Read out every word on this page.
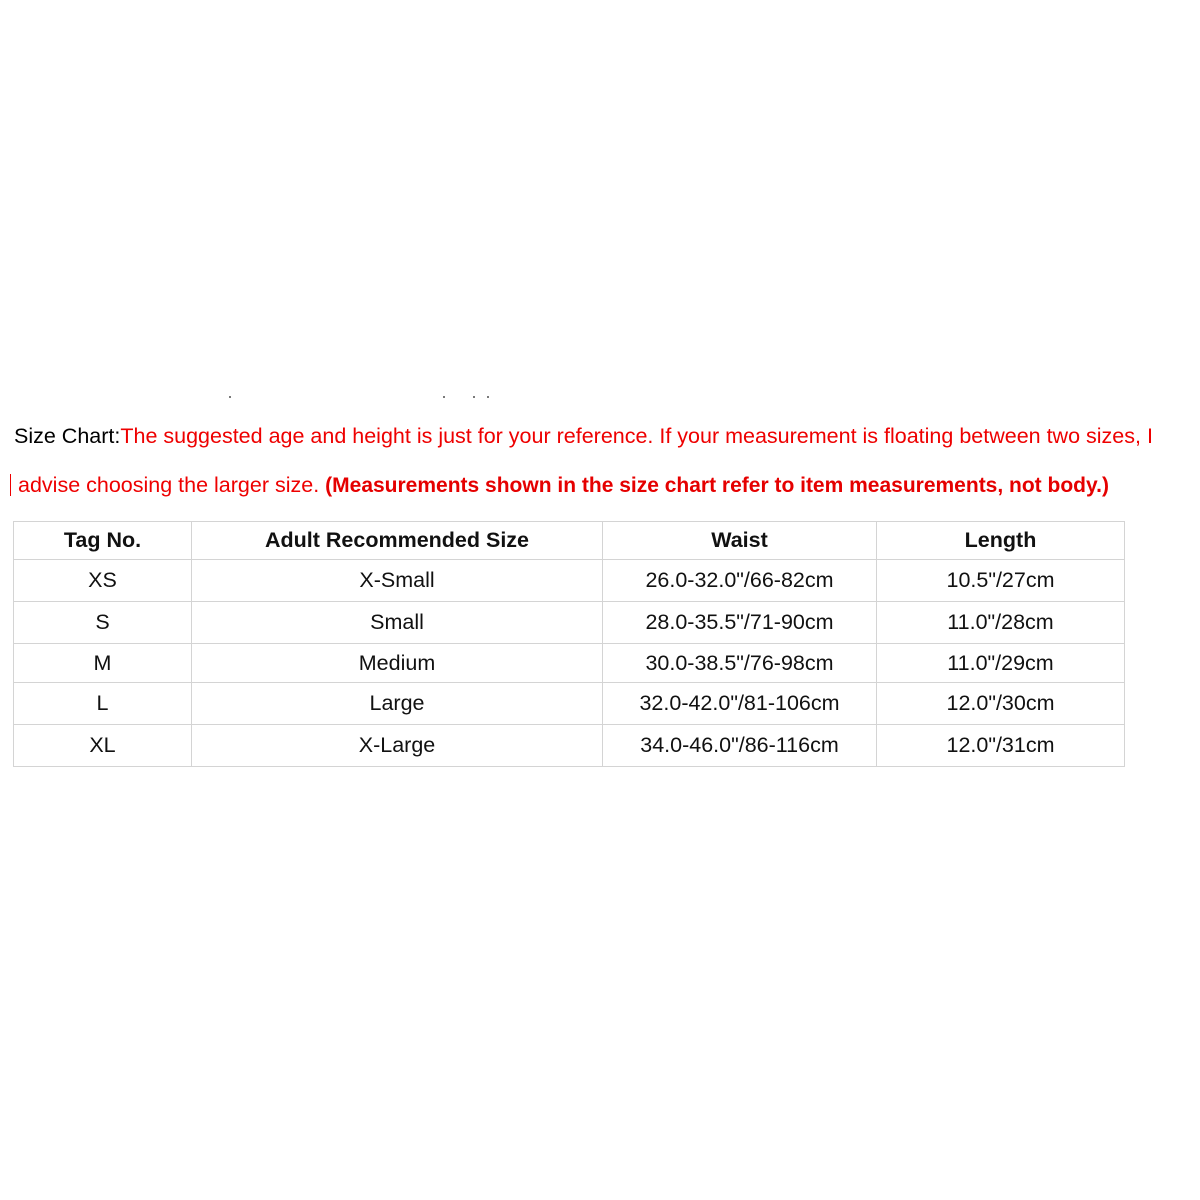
Size Chart:The suggested age and height is just for your reference. If your measurement is floating between two sizes, I
advise choosing the larger size. (Measurements shown in the size chart refer to item measurements, not body.)
Tag No.	Adult Recommended Size	Waist	Length
XS	X-Small	26.0-32.0"/66-82cm	10.5"/27cm
S	Small	28.0-35.5"/71-90cm	11.0"/28cm
M	Medium	30.0-38.5"/76-98cm	11.0"/29cm
L	Large	32.0-42.0"/81-106cm	12.0"/30cm
XL	X-Large	34.0-46.0"/86-116cm	12.0"/31cm
